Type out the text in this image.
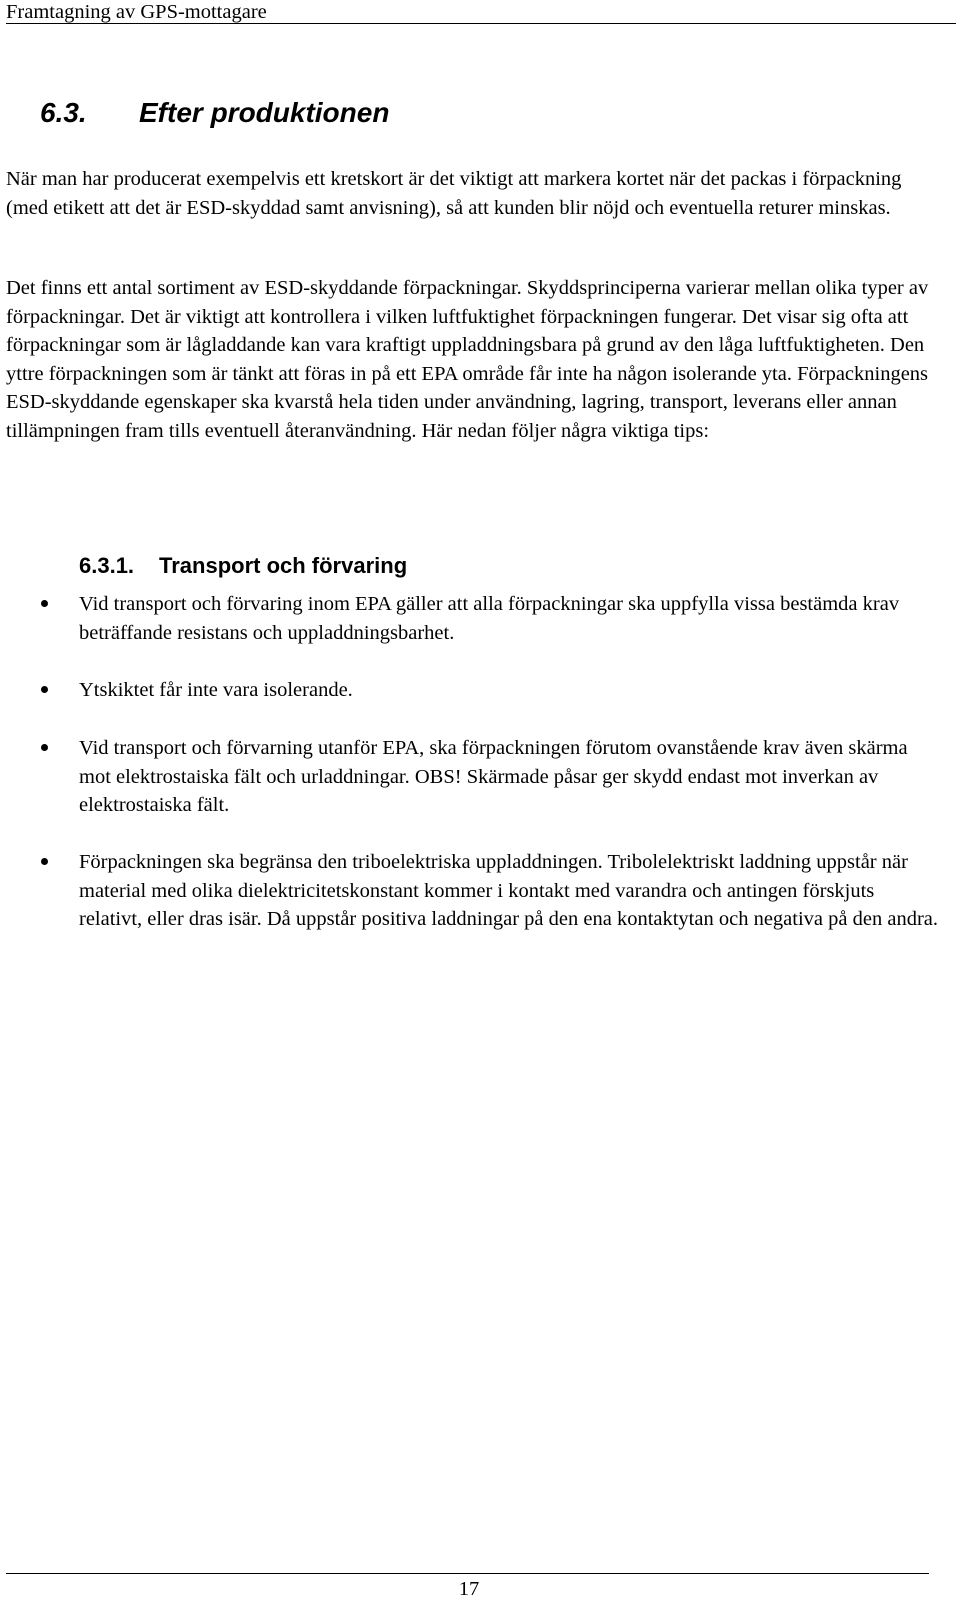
Framtagning av GPS-mottagare
6.3. Efter produktionen

När man har producerat exempelvis ett kretskort är det viktigt att markera kortet när det packas i förpackning (med etikett att det är ESD-skyddad samt anvisning), så att kunden blir nöjd och eventuella returer minskas.

Det finns ett antal sortiment av ESD-skyddande förpackningar. Skyddsprinciperna varierar mellan olika typer av förpackningar. Det är viktigt att kontrollera i vilken luftfuktighet förpackningen fungerar. Det visar sig ofta att förpackningar som är lågladdande kan vara kraftigt uppladdningsbara på grund av den låga luftfuktigheten. Den yttre förpackningen som är tänkt att föras in på ett EPA område får inte ha någon isolerande yta. Förpackningens ESD-skyddande egenskaper ska kvarstå hela tiden under användning, lagring, transport, leverans eller annan tillämpningen fram tills eventuell återanvändning. Här nedan följer några viktiga tips:

6.3.1. Transport och förvaring

Vid transport och förvaring inom EPA gäller att alla förpackningar ska uppfylla vissa bestämda krav beträffande resistans och uppladdningsbarhet.

Ytskiktet får inte vara isolerande.

Vid transport och förvarning utanför EPA, ska förpackningen förutom ovanstående krav även skärma mot elektrostaiska fält och urladdningar. OBS! Skärmade påsar ger skydd endast mot inverkan av elektrostaiska fält.

Förpackningen ska begränsa den triboelektriska uppladdningen. Tribolelektriskt laddning uppstår när material med olika dielektricitetskonstant kommer i kontakt med varandra och antingen förskjuts relativt, eller dras isär. Då uppstår positiva laddningar på den ena kontaktytan och negativa på den andra.

17
